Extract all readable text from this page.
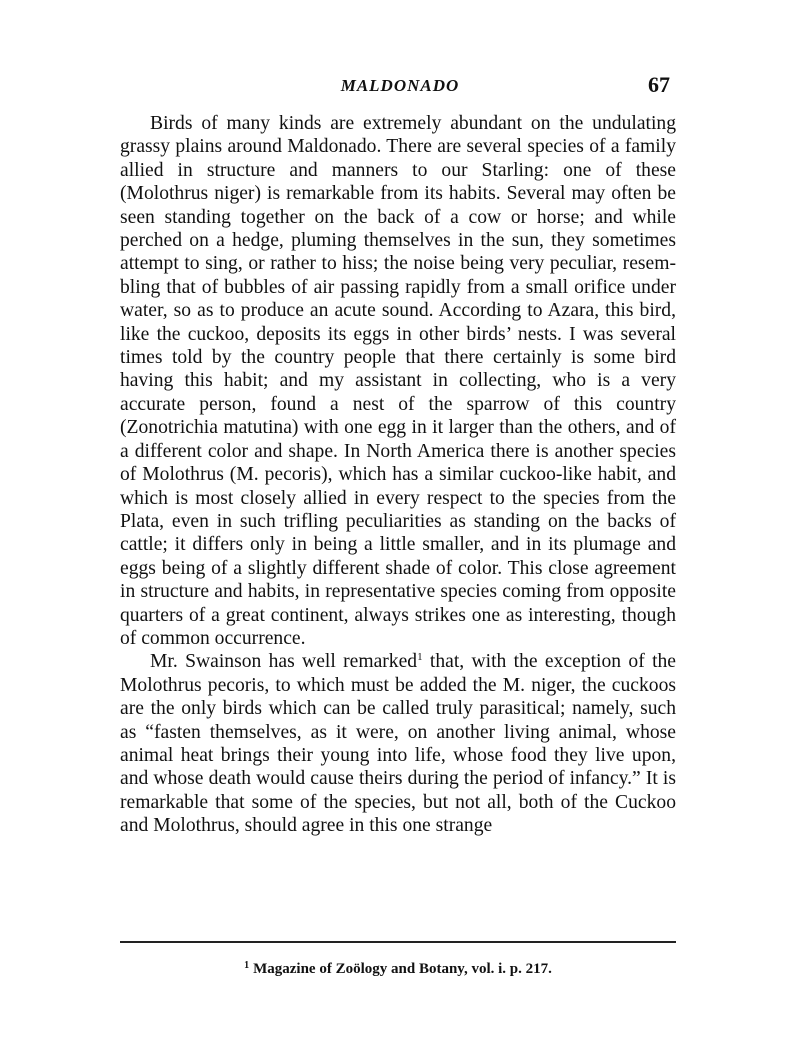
MALDONADO	67

Birds of many kinds are extremely abundant on the undulating grassy plains around Maldonado. There are several species of a family allied in structure and manners to our Starling: one of these (Molothrus niger) is remarkable from its habits. Several may often be seen standing together on the back of a cow or horse; and while perched on a hedge, pluming themselves in the sun, they sometimes attempt to sing, or rather to hiss; the noise being very peculiar, resembling that of bubbles of air passing rapidly from a small orifice under water, so as to produce an acute sound. According to Azara, this bird, like the cuckoo, deposits its eggs in other birds’ nests. I was several times told by the country people that there certainly is some bird having this habit; and my assistant in collecting, who is a very accurate person, found a nest of the sparrow of this country (Zonotrichia matutina) with one egg in it larger than the others, and of a different color and shape. In North America there is another species of Molothrus (M. pecoris), which has a similar cuckoo-like habit, and which is most closely allied in every respect to the species from the Plata, even in such trifling peculiarities as standing on the backs of cattle; it differs only in being a little smaller, and in its plumage and eggs being of a slightly different shade of color. This close agreement in structure and habits, in representative species coming from opposite quarters of a great continent, always strikes one as interesting, though of common occurrence.

Mr. Swainson has well remarked$^1$ that, with the exception of the Molothrus pecoris, to which must be added the M. niger, the cuckoos are the only birds which can be called truly parasitical; namely, such as “fasten themselves, as it were, on another living animal, whose animal heat brings their young into life, whose food they live upon, and whose death would cause theirs during the period of infancy.” It is remarkable that some of the species, but not all, both of the Cuckoo and Molothrus, should agree in this one strange

$^1$ Magazine of Zoölogy and Botany, vol. i. p. 217.
